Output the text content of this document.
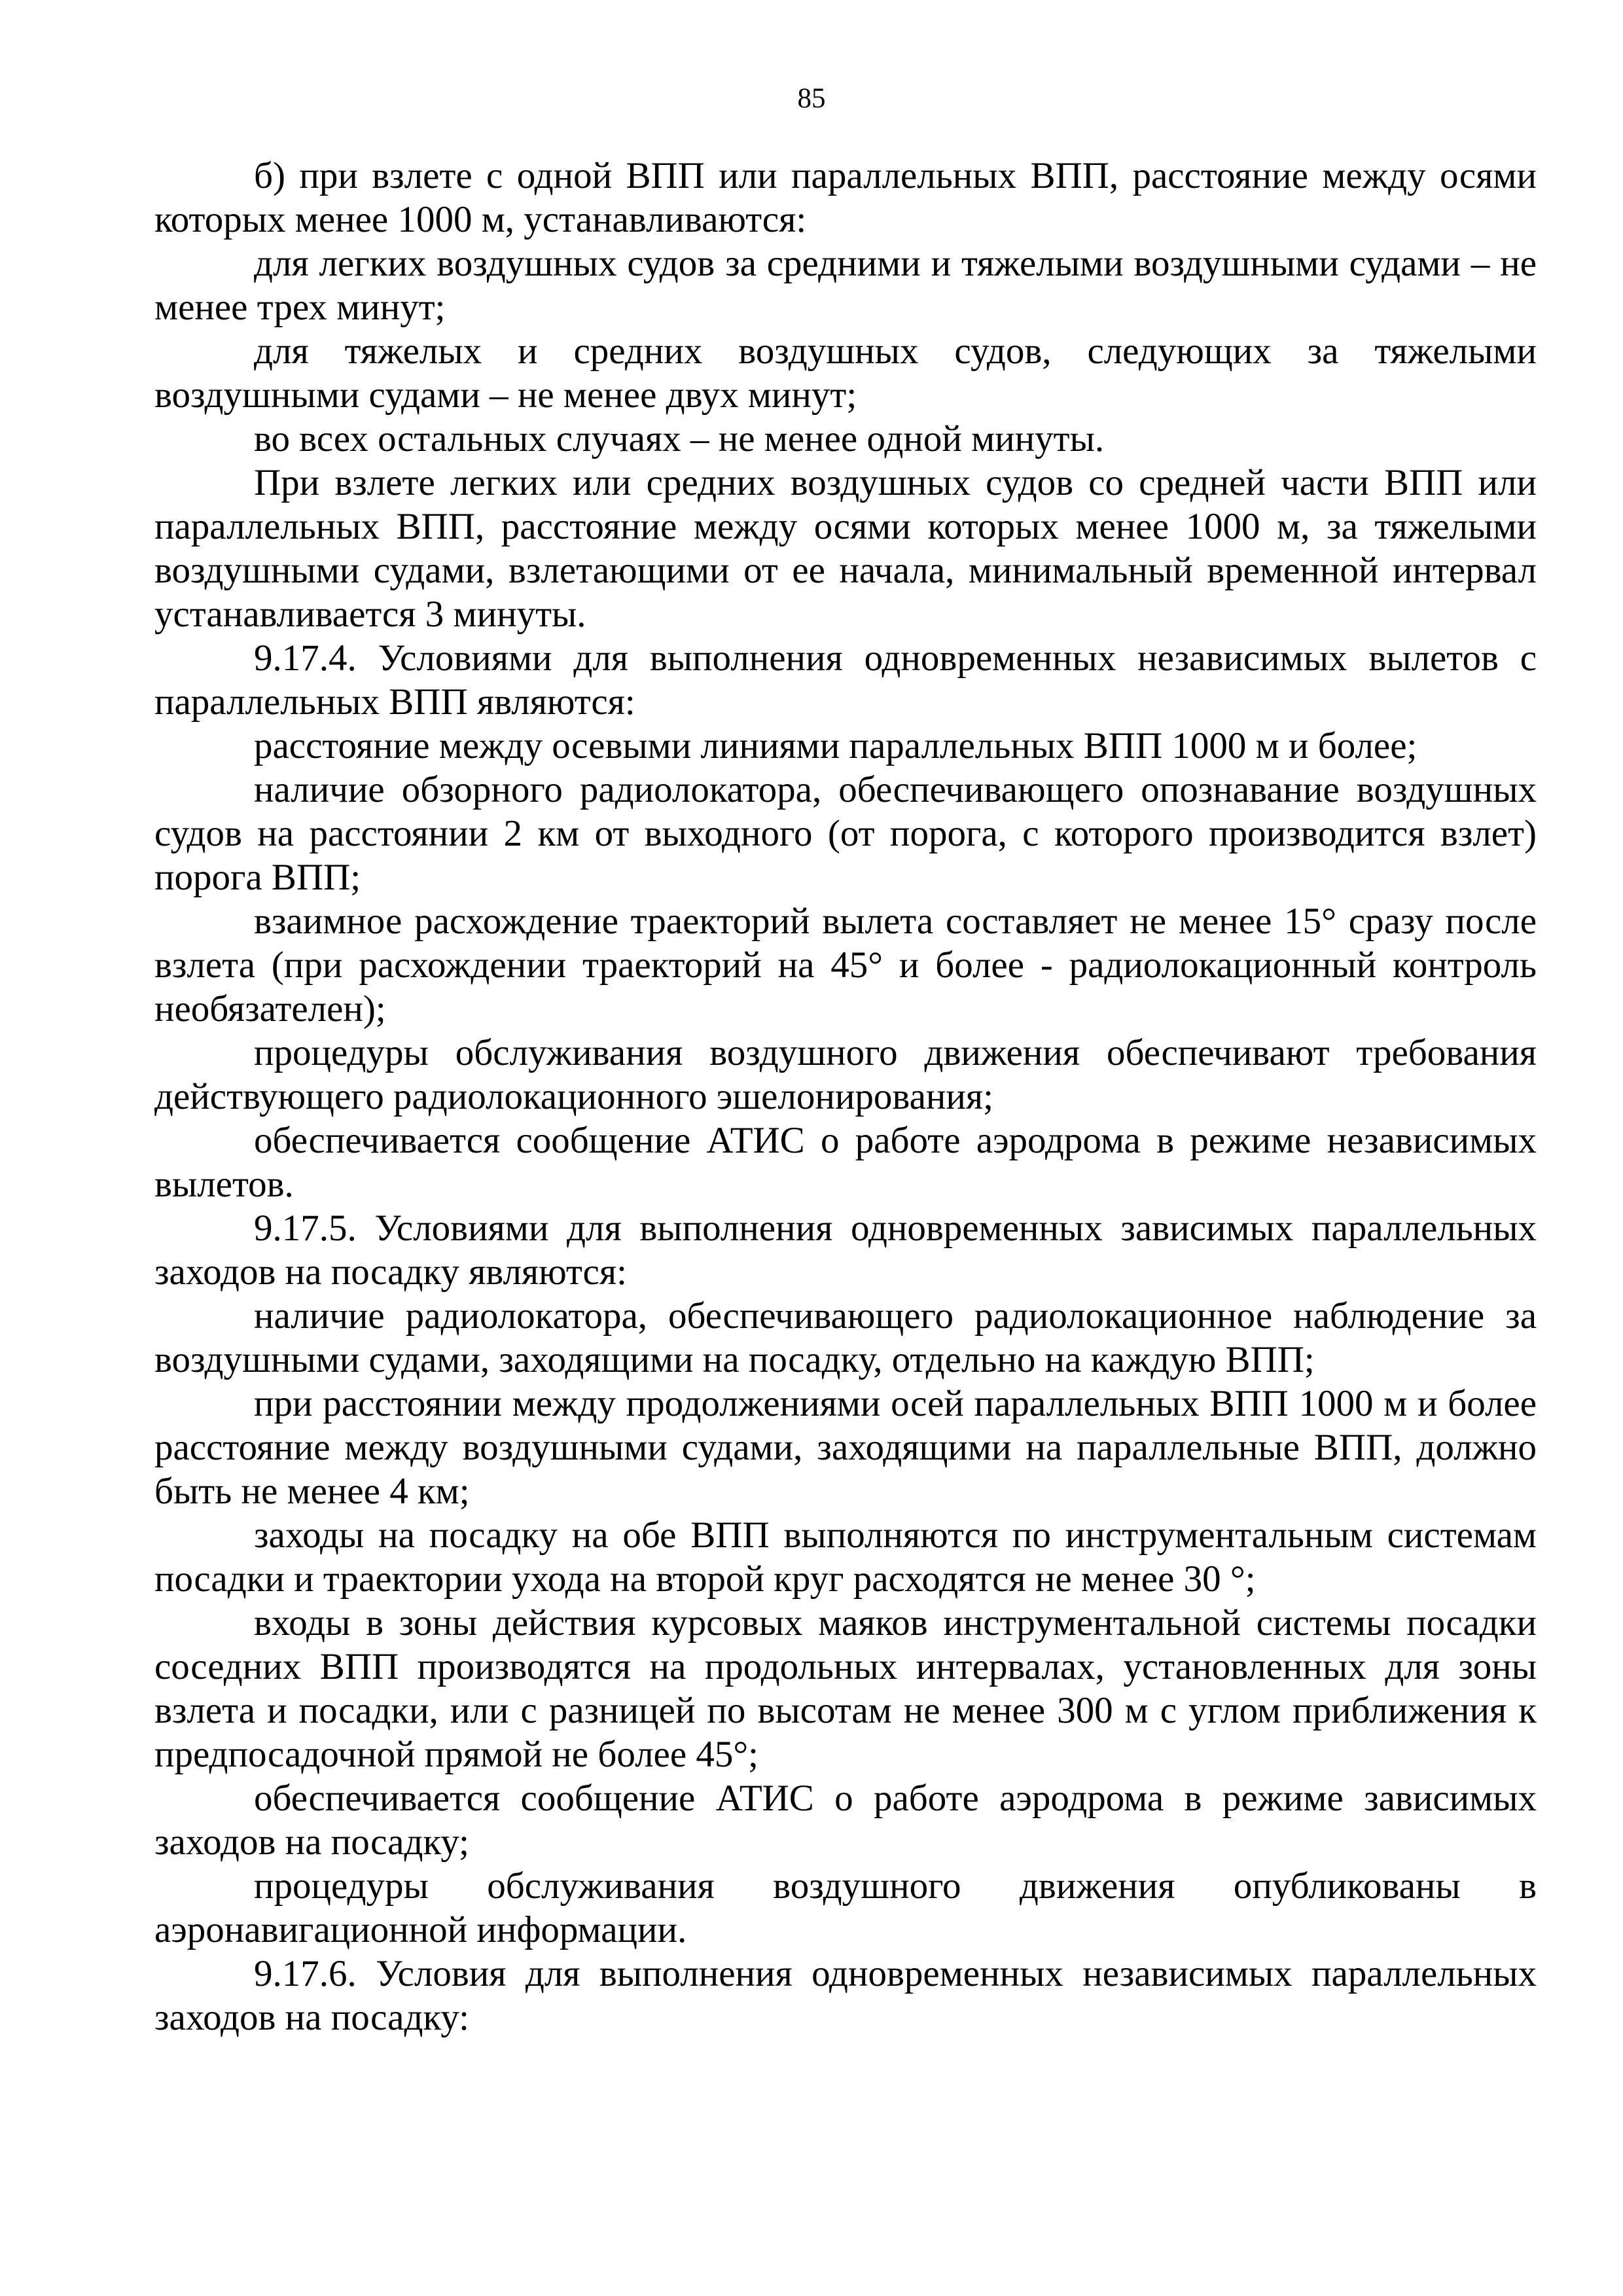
85

б) при взлете с одной ВПП или параллельных ВПП, расстояние между осями которых менее 1000 м, устанавливаются:

для легких воздушных судов за средними и тяжелыми воздушными судами – не менее трех минут;

для тяжелых и средних воздушных судов, следующих за тяжелыми воздушными судами – не менее двух минут;

во всех остальных случаях – не менее одной минуты.

При взлете легких или средних воздушных судов со средней части ВПП или параллельных ВПП, расстояние между осями которых менее 1000 м, за тяжелыми воздушными судами, взлетающими от ее начала, минимальный временной интервал устанавливается 3 минуты.

9.17.4. Условиями для выполнения одновременных независимых вылетов с параллельных ВПП являются:

расстояние между осевыми линиями параллельных ВПП 1000 м и более;

наличие обзорного радиолокатора, обеспечивающего опознавание воздушных судов на расстоянии 2 км от выходного (от порога, с которого производится взлет) порога ВПП;

взаимное расхождение траекторий вылета составляет не менее 15° сразу после взлета (при расхождении траекторий на 45° и более - радиолокационный контроль необязателен);

процедуры обслуживания воздушного движения обеспечивают требования действующего радиолокационного эшелонирования;

обеспечивается сообщение АТИС о работе аэродрома в режиме независимых вылетов.

9.17.5. Условиями для выполнения одновременных зависимых параллельных заходов на посадку являются:

наличие радиолокатора, обеспечивающего радиолокационное наблюдение за воздушными судами, заходящими на посадку, отдельно на каждую ВПП;

при расстоянии между продолжениями осей параллельных ВПП 1000 м и более расстояние между воздушными судами, заходящими на параллельные ВПП, должно быть не менее 4 км;

заходы на посадку на обе ВПП выполняются по инструментальным системам посадки и траектории ухода на второй круг расходятся не менее 30 °;

входы в зоны действия курсовых маяков инструментальной системы посадки соседних ВПП производятся на продольных интервалах, установленных для зоны взлета и посадки, или с разницей по высотам не менее 300 м с углом приближения к предпосадочной прямой не более 45°;

обеспечивается сообщение АТИС о работе аэродрома в режиме зависимых заходов на посадку;

процедуры обслуживания воздушного движения опубликованы в аэронавигационной информации.

9.17.6. Условия для выполнения одновременных независимых параллельных заходов на посадку:
